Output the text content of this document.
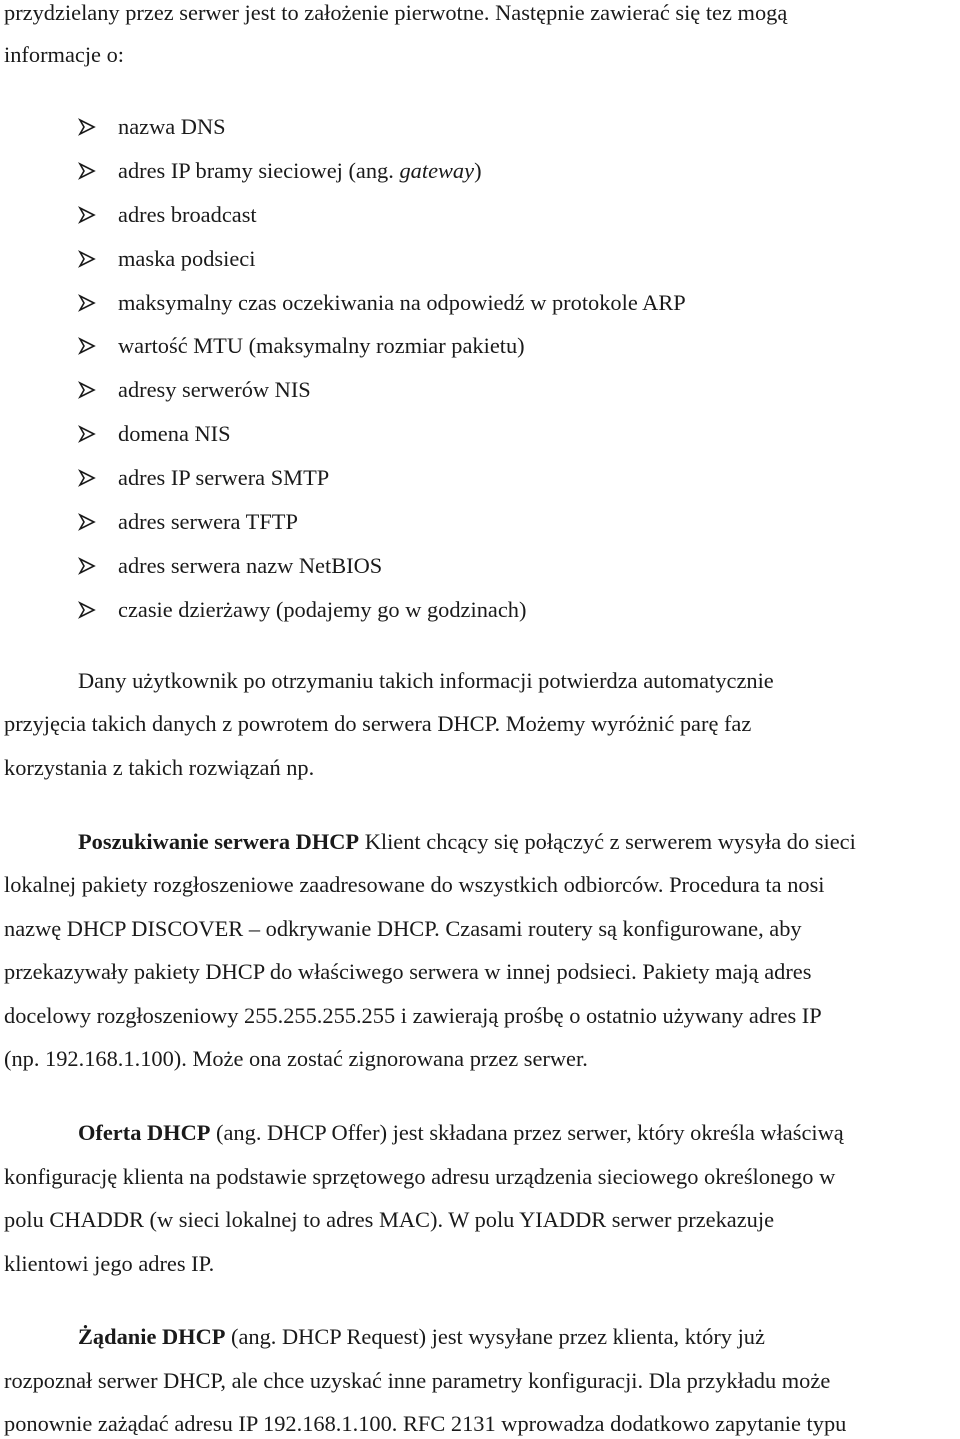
przydzielany przez serwer jest to założenie pierwotne. Następnie zawierać się tez mogą
informacje o:
nazwa DNS
adres IP bramy sieciowej (ang. gateway)
adres broadcast
maska podsieci
maksymalny czas oczekiwania na odpowiedź w protokole ARP
wartość MTU (maksymalny rozmiar pakietu)
adresy serwerów NIS
domena NIS
adres IP serwera SMTP
adres serwera TFTP
adres serwera nazw NetBIOS
czasie dzierżawy (podajemy go w godzinach)
Dany użytkownik po otrzymaniu takich informacji potwierdza automatycznie
przyjęcia takich danych z powrotem do serwera DHCP. Możemy wyróżnić parę faz
korzystania z takich rozwiązań np.
Poszukiwanie serwera DHCP Klient chcący się połączyć z serwerem wysyła do sieci
lokalnej pakiety rozgłoszeniowe zaadresowane do wszystkich odbiorców. Procedura ta nosi
nazwę DHCP DISCOVER – odkrywanie DHCP. Czasami routery są konfigurowane, aby
przekazywały pakiety DHCP do właściwego serwera w innej podsieci. Pakiety mają adres
docelowy rozgłoszeniowy 255.255.255.255 i zawierają prośbę o ostatnio używany adres IP
(np. 192.168.1.100). Może ona zostać zignorowana przez serwer.
Oferta DHCP (ang. DHCP Offer) jest składana przez serwer, który określa właściwą
konfigurację klienta na podstawie sprzętowego adresu urządzenia sieciowego określonego w
polu CHADDR (w sieci lokalnej to adres MAC). W polu YIADDR serwer przekazuje
klientowi jego adres IP.
Żądanie DHCP (ang. DHCP Request) jest wysyłane przez klienta, który już
rozpoznał serwer DHCP, ale chce uzyskać inne parametry konfiguracji. Dla przykładu może
ponownie zażądać adresu IP 192.168.1.100. RFC 2131 wprowadza dodatkowo zapytanie typu
